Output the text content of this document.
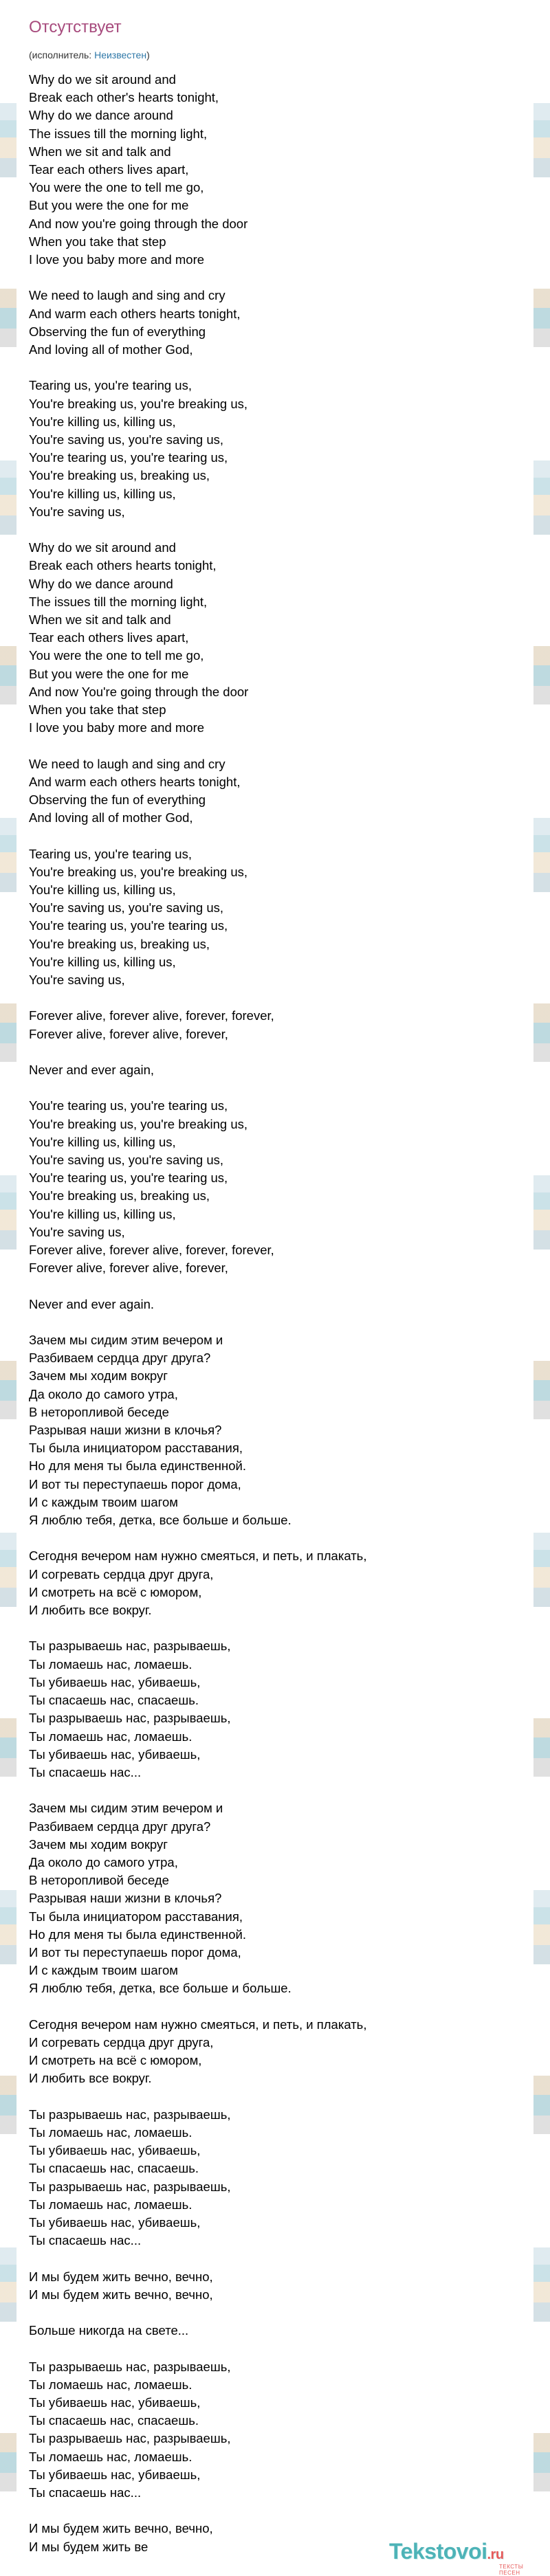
Отсутствует
(исполнитель: Неизвестен)
Why do we sit around and
Break each other's hearts tonight,
Why do we dance around
The issues till the morning light,
When we sit and talk and
Tear each others lives apart,
You were the one to tell me go,
But you were the one for me
And now you're going through the door
When you take that step
I love you baby more and more
We need to laugh and sing and cry
And warm each others hearts tonight,
Observing the fun of everything
And loving all of mother God,
Tearing us, you're tearing us,
You're breaking us, you're breaking us,
You're killing us, killing us,
You're saving us, you're saving us,
You're tearing us, you're tearing us,
You're breaking us, breaking us,
You're killing us, killing us,
You're saving us,
Why do we sit around and
Break each others hearts tonight,
Why do we dance around
The issues till the morning light,
When we sit and talk and
Tear each others lives apart,
You were the one to tell me go,
But you were the one for me
And now You're going through the door
When you take that step
I love you baby more and more
We need to laugh and sing and cry
And warm each others hearts tonight,
Observing the fun of everything
And loving all of mother God,
Tearing us, you're tearing us,
You're breaking us, you're breaking us,
You're killing us, killing us,
You're saving us, you're saving us,
You're tearing us, you're tearing us,
You're breaking us, breaking us,
You're killing us, killing us,
You're saving us,
Forever alive, forever alive, forever, forever,
Forever alive, forever alive, forever,
Never and ever again,
You're tearing us, you're tearing us,
You're breaking us, you're breaking us,
You're killing us, killing us,
You're saving us, you're saving us,
You're tearing us, you're tearing us,
You're breaking us, breaking us,
You're killing us, killing us,
You're saving us,
Forever alive, forever alive, forever, forever,
Forever alive, forever alive, forever,
Never and ever again.
Зачем мы сидим этим вечером и
Разбиваем сердца друг друга?
Зачем мы ходим вокруг
Да около до самого утра,
В неторопливой беседе
Разрывая наши жизни в клочья?
Ты была инициатором расставания,
Но для меня ты была единственной.
И вот ты переступаешь порог дома,
И с каждым твоим шагом
Я люблю тебя, детка, все больше и больше.
Сегодня вечером нам нужно смеяться, и петь, и плакать,
И согревать сердца друг друга,
И смотреть на всё с юмором,
И любить все вокруг.
Ты разрываешь нас, разрываешь,
Ты ломаешь нас, ломаешь.
Ты убиваешь нас, убиваешь,
Ты спасаешь нас, спасаешь.
Ты разрываешь нас, разрываешь,
Ты ломаешь нас, ломаешь.
Ты убиваешь нас, убиваешь,
Ты спасаешь нас...
Зачем мы сидим этим вечером и
Разбиваем сердца друг друга?
Зачем мы ходим вокруг
Да около до самого утра,
В неторопливой беседе
Разрывая наши жизни в клочья?
Ты была инициатором расставания,
Но для меня ты была единственной.
И вот ты переступаешь порог дома,
И с каждым твоим шагом
Я люблю тебя, детка, все больше и больше.
Сегодня вечером нам нужно смеяться, и петь, и плакать,
И согревать сердца друг друга,
И смотреть на всё с юмором,
И любить все вокруг.
Ты разрываешь нас, разрываешь,
Ты ломаешь нас, ломаешь.
Ты убиваешь нас, убиваешь,
Ты спасаешь нас, спасаешь.
Ты разрываешь нас, разрываешь,
Ты ломаешь нас, ломаешь.
Ты убиваешь нас, убиваешь,
Ты спасаешь нас...
И мы будем жить вечно, вечно,
И мы будем жить вечно, вечно,
Больше никогда на свете...
Ты разрываешь нас, разрываешь,
Ты ломаешь нас, ломаешь.
Ты убиваешь нас, убиваешь,
Ты спасаешь нас, спасаешь.
Ты разрываешь нас, разрываешь,
Ты ломаешь нас, ломаешь.
Ты убиваешь нас, убиваешь,
Ты спасаешь нас...
И мы будем жить вечно, вечно,
И мы будем жить ве	Tekstovoi.ru
ТЕКСТЫ ПЕСЕН
